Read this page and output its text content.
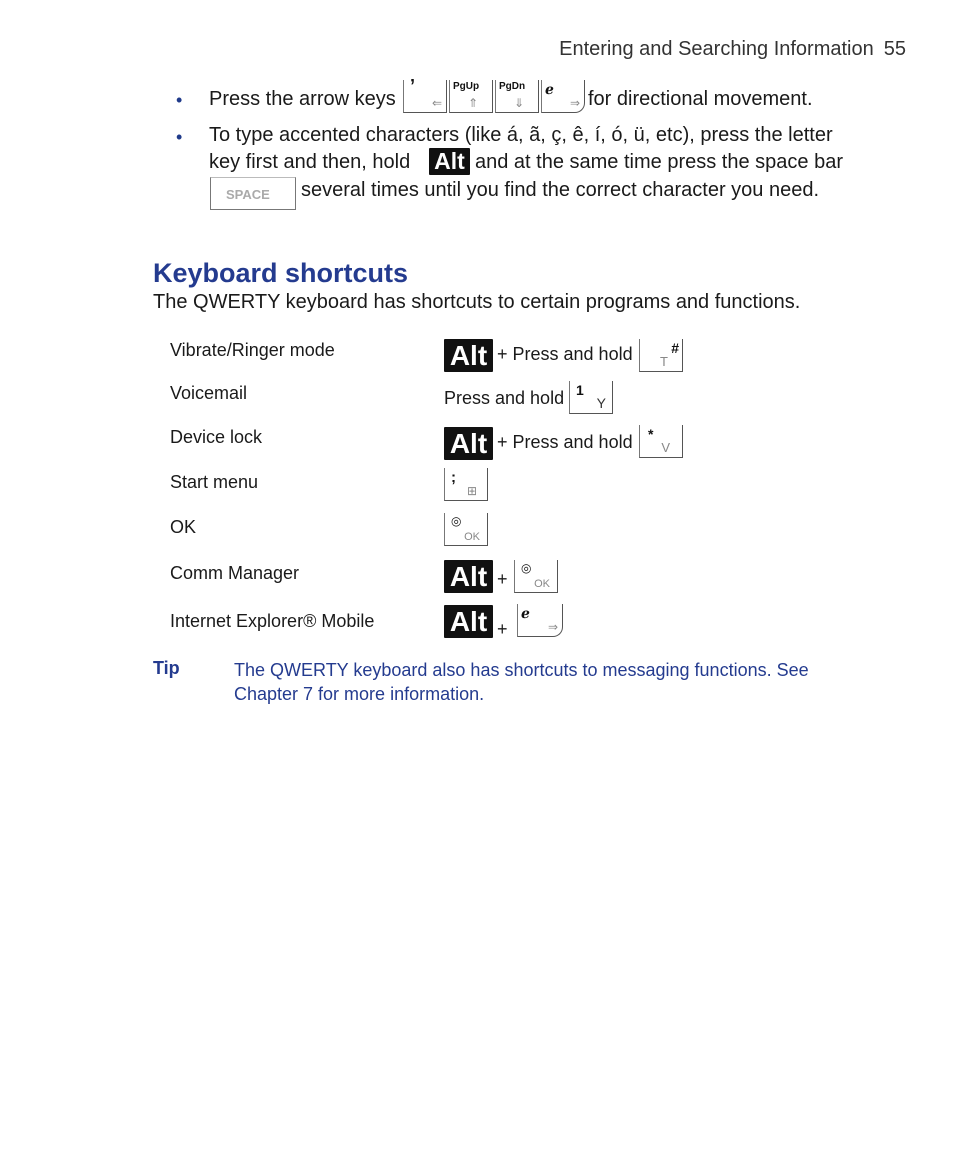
Entering and Searching Information 55
• Press the arrow keys
’
⇐
PgUp
⇑
PgDn
⇓
ℯ
⇒ for directional movement.
• To type accented characters (like á, ã, ç, ê, í, ó, ü, etc), press the letter
key first and then, hold Alt and at the same time press the space bar
SPACE several times until you find the correct character you need.
Keyboard shortcuts
The QWERTY keyboard has shortcuts to certain programs and functions.
Vibrate/Ringer mode	Alt + Press and hold	#
T
Voicemail	Press and hold 1
Y
Device lock	Alt + Press and hold *
V
Start menu	;
⊞
OK	◎
OK
Comm Manager	Alt +
◎
OK
Internet Explorer® Mobile	Alt +
ℯ
⇒
Tip	The QWERTY keyboard also has shortcuts to messaging functions. See Chapter 7 for more information.
